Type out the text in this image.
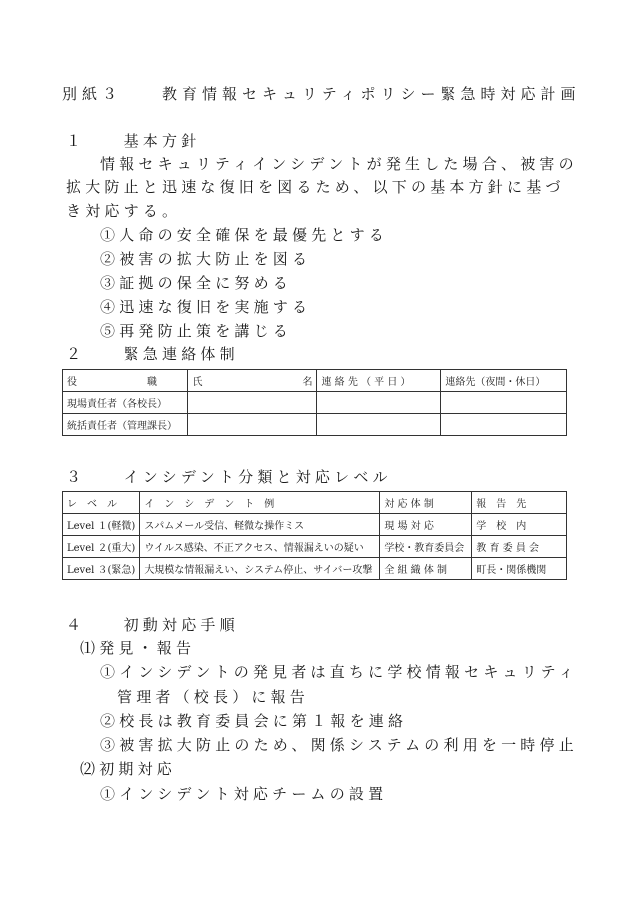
別紙３　　教育情報セキュリティポリシー緊急時対応計画
１　　基本方針
情報セキュリティインシデントが発生した場合、被害の
拡大防止と迅速な復旧を図るため、以下の基本方針に基づ
き対応する。
①人命の安全確保を最優先とする
②被害の拡大防止を図る
③証拠の保全に努める
④迅速な復旧を実施する
⑤再発防止策を講じる
２　　緊急連絡体制
役　　　　　　　職	氏　　　　　　　　　　名	連 絡 先 （ 平 日 ）	連絡先（夜間・休日）
現場責任者（各校長）			
統括責任者（管理課長）			
３　　インシデント分類と対応レベル
レ　ベ　ル	イ　ン　シ　デ　ン　ト　例	対 応 体 制	報　告　先
Level １(軽微)	スパムメール受信、軽微な操作ミス	現 場 対 応	学　校　内
Level ２(重大)	ウイルス感染、不正アクセス、情報漏えいの疑い	学校・教育委員会	教 育 委 員 会
Level ３(緊急)	大規模な情報漏えい、システム停止、サイバー攻撃	全 組 織 体 制	町長・関係機関
４　　初動対応手順
⑴発見・報告
①インシデントの発見者は直ちに学校情報セキュリティ
管理者（校長）に報告
②校長は教育委員会に第１報を連絡
③被害拡大防止のため、関係システムの利用を一時停止
⑵初期対応
①インシデント対応チームの設置
